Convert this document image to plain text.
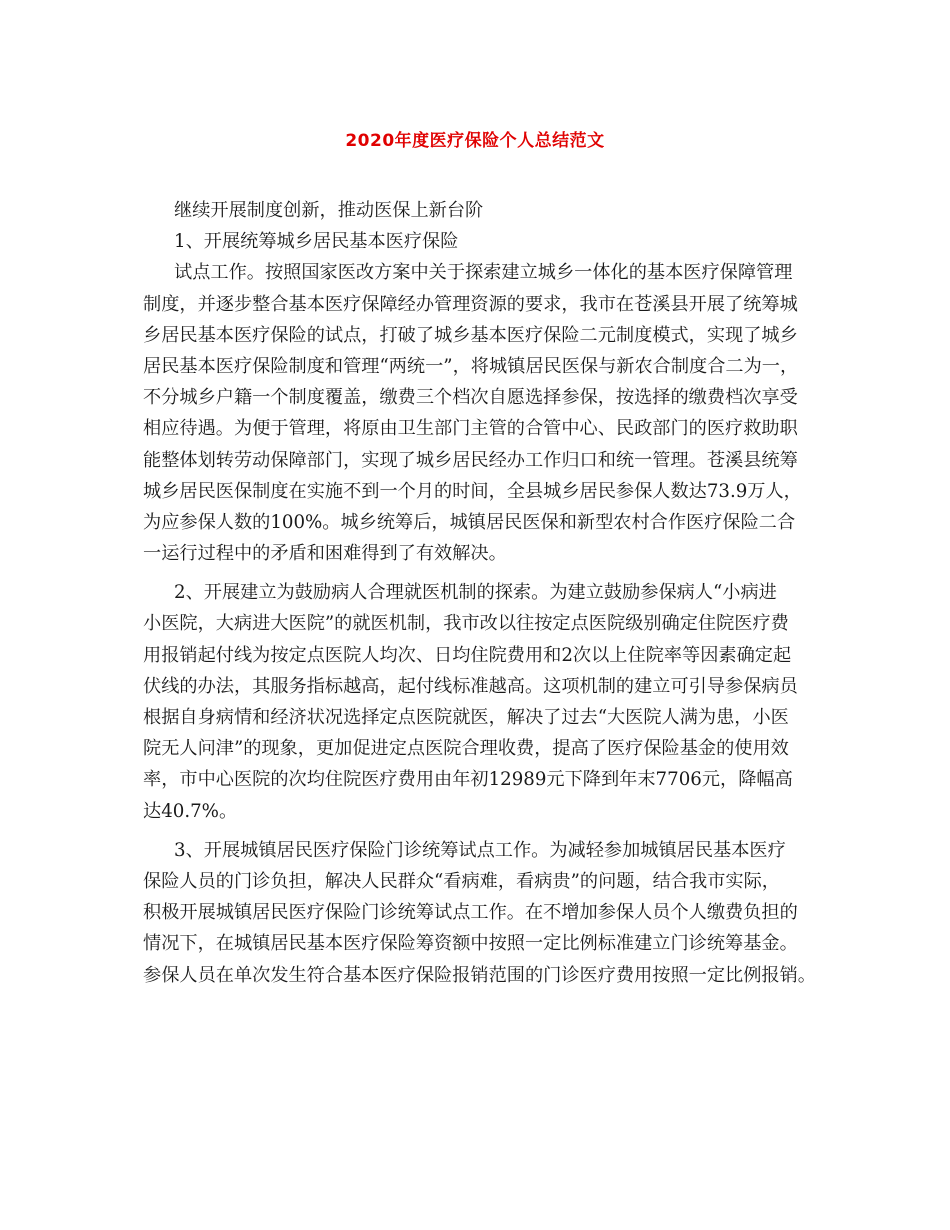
2020年度医疗保险个人总结范文
继续开展制度创新，推动医保上新台阶
1、开展统筹城乡居民基本医疗保险
试点工作。按照国家医改方案中关于探索建立城乡一体化的基本医疗保障管理
制度，并逐步整合基本医疗保障经办管理资源的要求，我市在苍溪县开展了统筹城
乡居民基本医疗保险的试点，打破了城乡基本医疗保险二元制度模式，实现了城乡
居民基本医疗保险制度和管理“两统一”，将城镇居民医保与新农合制度合二为一，
不分城乡户籍一个制度覆盖，缴费三个档次自愿选择参保，按选择的缴费档次享受
相应待遇。为便于管理，将原由卫生部门主管的合管中心、民政部门的医疗救助职
能整体划转劳动保障部门，实现了城乡居民经办工作归口和统一管理。苍溪县统筹
城乡居民医保制度在实施不到一个月的时间，全县城乡居民参保人数达73.9万人，
为应参保人数的100%。城乡统筹后，城镇居民医保和新型农村合作医疗保险二合
一运行过程中的矛盾和困难得到了有效解决。
2、开展建立为鼓励病人合理就医机制的探索。为建立鼓励参保病人“小病进
小医院，大病进大医院”的就医机制，我市改以往按定点医院级别确定住院医疗费
用报销起付线为按定点医院人均次、日均住院费用和2次以上住院率等因素确定起
伏线的办法，其服务指标越高，起付线标准越高。这项机制的建立可引导参保病员
根据自身病情和经济状况选择定点医院就医，解决了过去“大医院人满为患，小医
院无人问津”的现象，更加促进定点医院合理收费，提高了医疗保险基金的使用效
率，市中心医院的次均住院医疗费用由年初12989元下降到年末7706元，降幅高
达40.7%。
3、开展城镇居民医疗保险门诊统筹试点工作。为减轻参加城镇居民基本医疗
保险人员的门诊负担，解决人民群众“看病难，看病贵”的问题，结合我市实际，
积极开展城镇居民医疗保险门诊统筹试点工作。在不增加参保人员个人缴费负担的
情况下，在城镇居民基本医疗保险筹资额中按照一定比例标准建立门诊统筹基金。
参保人员在单次发生符合基本医疗保险报销范围的门诊医疗费用按照一定比例报销。
